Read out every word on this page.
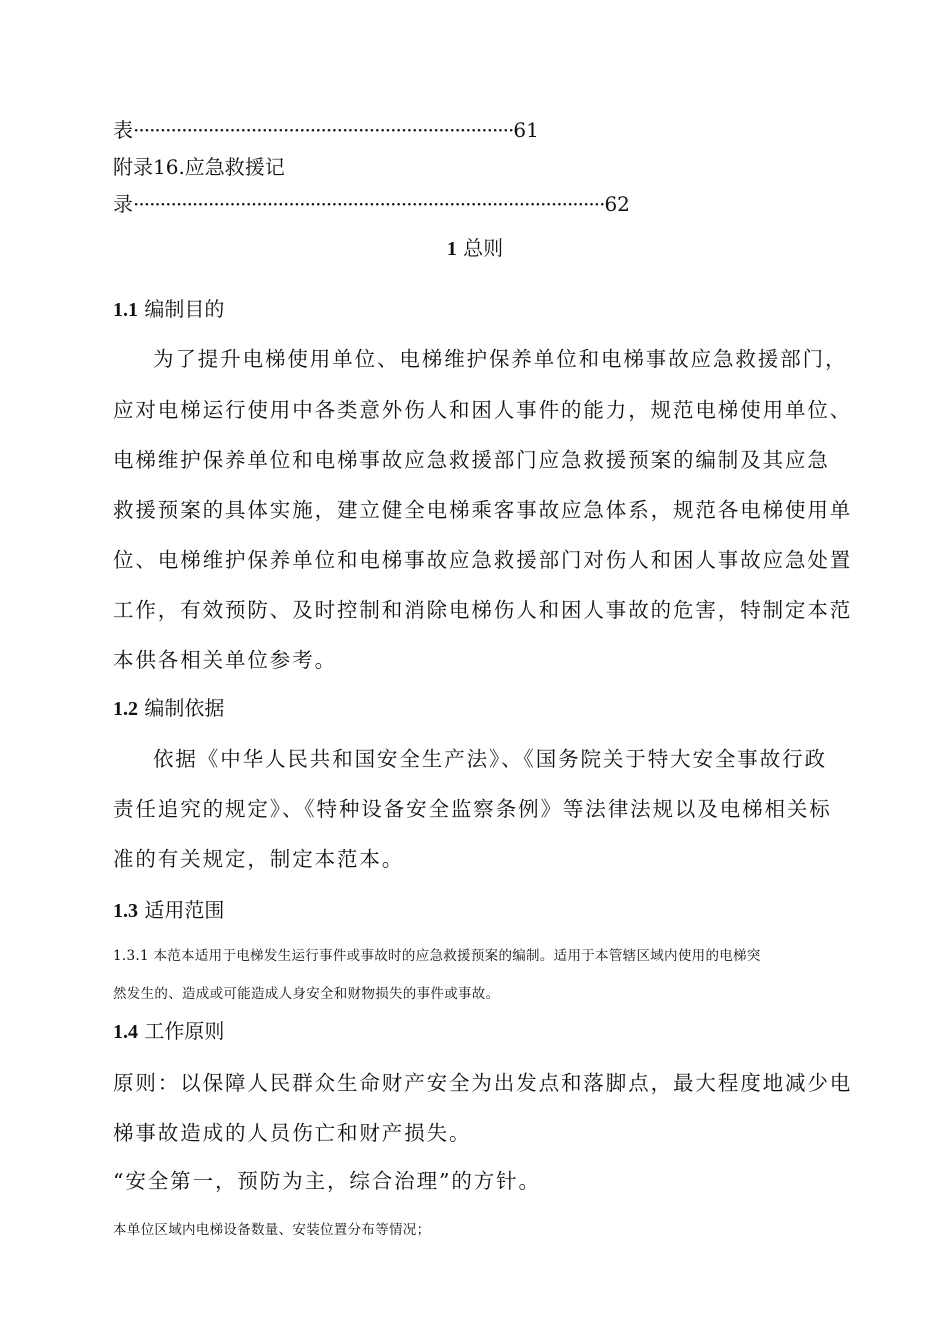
表·······································································61
附录16.应急救援记
录························································································62
1 总则
1.1 编制目的
为了提升电梯使用单位、电梯维护保养单位和电梯事故应急救援部门，
应对电梯运行使用中各类意外伤人和困人事件的能力，规范电梯使用单位、
电梯维护保养单位和电梯事故应急救援部门应急救援预案的编制及其应急
救援预案的具体实施，建立健全电梯乘客事故应急体系，规范各电梯使用单
位、电梯维护保养单位和电梯事故应急救援部门对伤人和困人事故应急处置
工作，有效预防、及时控制和消除电梯伤人和困人事故的危害，特制定本范
本供各相关单位参考。
1.2 编制依据
依据《中华人民共和国安全生产法》、《国务院关于特大安全事故行政
责任追究的规定》、《特种设备安全监察条例》等法律法规以及电梯相关标
准的有关规定，制定本范本。
1.3 适用范围
1.3.1 本范本适用于电梯发生运行事件或事故时的应急救援预案的编制。适用于本管辖区域内使用的电梯突
然发生的、造成或可能造成人身安全和财物损失的事件或事故。
1.4 工作原则
原则：以保障人民群众生命财产安全为出发点和落脚点，最大程度地减少电
梯事故造成的人员伤亡和财产损失。
“安全第一，预防为主，综合治理”的方针。
本单位区域内电梯设备数量、安装位置分布等情况；
